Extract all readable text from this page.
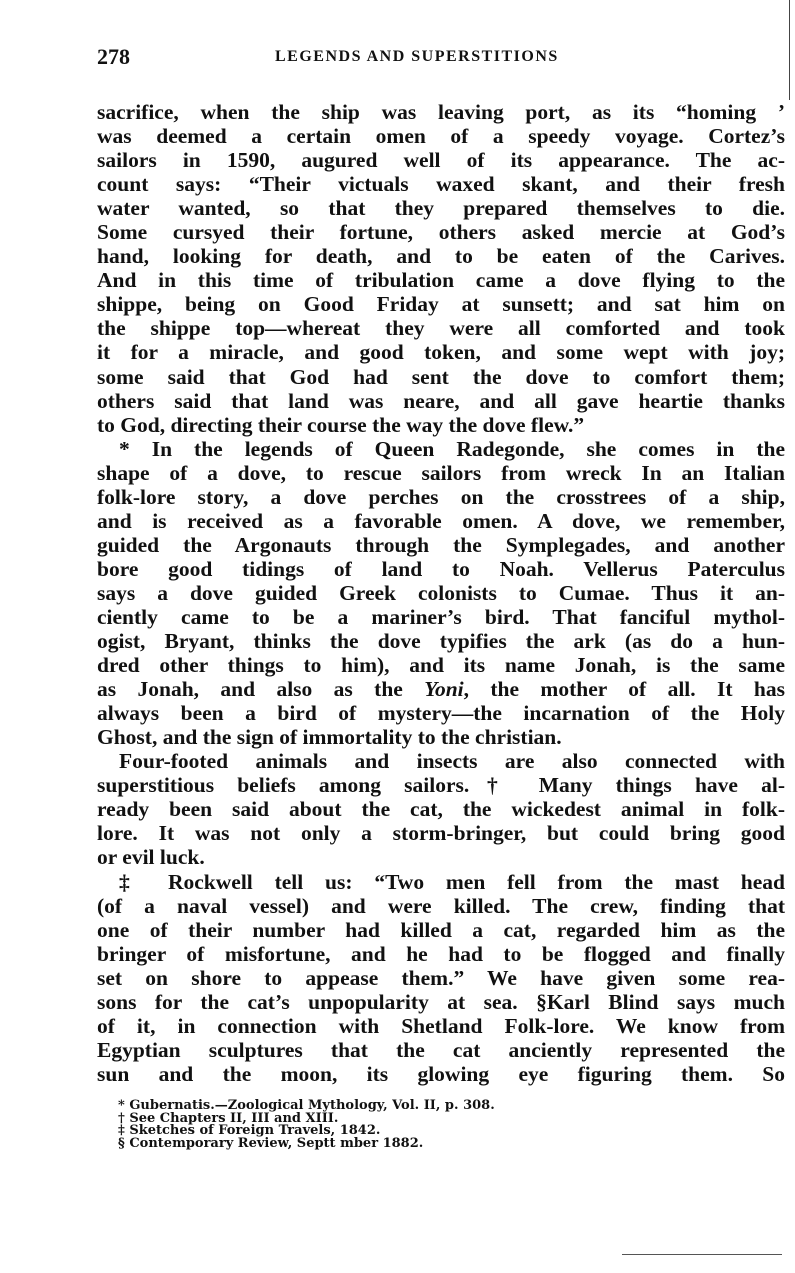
278	LEGENDS AND SUPERSTITIONS
sacrifice, when the ship was leaving port, as its “homing ’
was deemed a certain omen of a speedy voyage. Cortez’s
sailors in 1590, augured well of its appearance. The ac-
count says: “Their victuals waxed skant, and their fresh
water wanted, so that they prepared themselves to die.
Some cursyed their fortune, others asked mercie at God’s
hand, looking for death, and to be eaten of the Carives.
And in this time of tribulation came a dove flying to the
shippe, being on Good Friday at sunsett; and sat him on
the shippe top—whereat they were all comforted and took
it for a miracle, and good token, and some wept with joy;
some said that God had sent the dove to comfort them;
others said that land was neare, and all gave heartie thanks
to God, directing their course the way the dove flew.”
* In the legends of Queen Radegonde, she comes in the
shape of a dove, to rescue sailors from wreck In an Italian
folk-lore story, a dove perches on the crosstrees of a ship,
and is received as a favorable omen. A dove, we remember,
guided the Argonauts through the Symplegades, and another
bore good tidings of land to Noah. Vellerus Paterculus
says a dove guided Greek colonists to Cumae. Thus it an-
ciently came to be a mariner’s bird. That fanciful mythol-
ogist, Bryant, thinks the dove typifies the ark (as do a hun-
dred other things to him), and its name Jonah, is the same
as Jonah, and also as the Yoni, the mother of all. It has
always been a bird of mystery—the incarnation of the Holy
Ghost, and the sign of immortality to the christian.
Four-footed animals and insects are also connected with
superstitious beliefs among sailors.† Many things have al-
ready been said about the cat, the wickedest animal in folk-
lore. It was not only a storm-bringer, but could bring good
or evil luck.
‡ Rockwell tell us: “Two men fell from the mast head
(of a naval vessel) and were killed. The crew, finding that
one of their number had killed a cat, regarded him as the
bringer of misfortune, and he had to be flogged and finally
set on shore to appease them.” We have given some rea-
sons for the cat’s unpopularity at sea. §Karl Blind says much
of it, in connection with Shetland Folk-lore. We know from
Egyptian sculptures that the cat anciently represented the
sun and the moon, its glowing eye figuring them. So
* Gubernatis.—Zoological Mythology, Vol. II, p. 308.
† See Chapters II, III and XIII.
‡ Sketches of Foreign Travels, 1842.
§ Contemporary Review, Septt mber 1882.
